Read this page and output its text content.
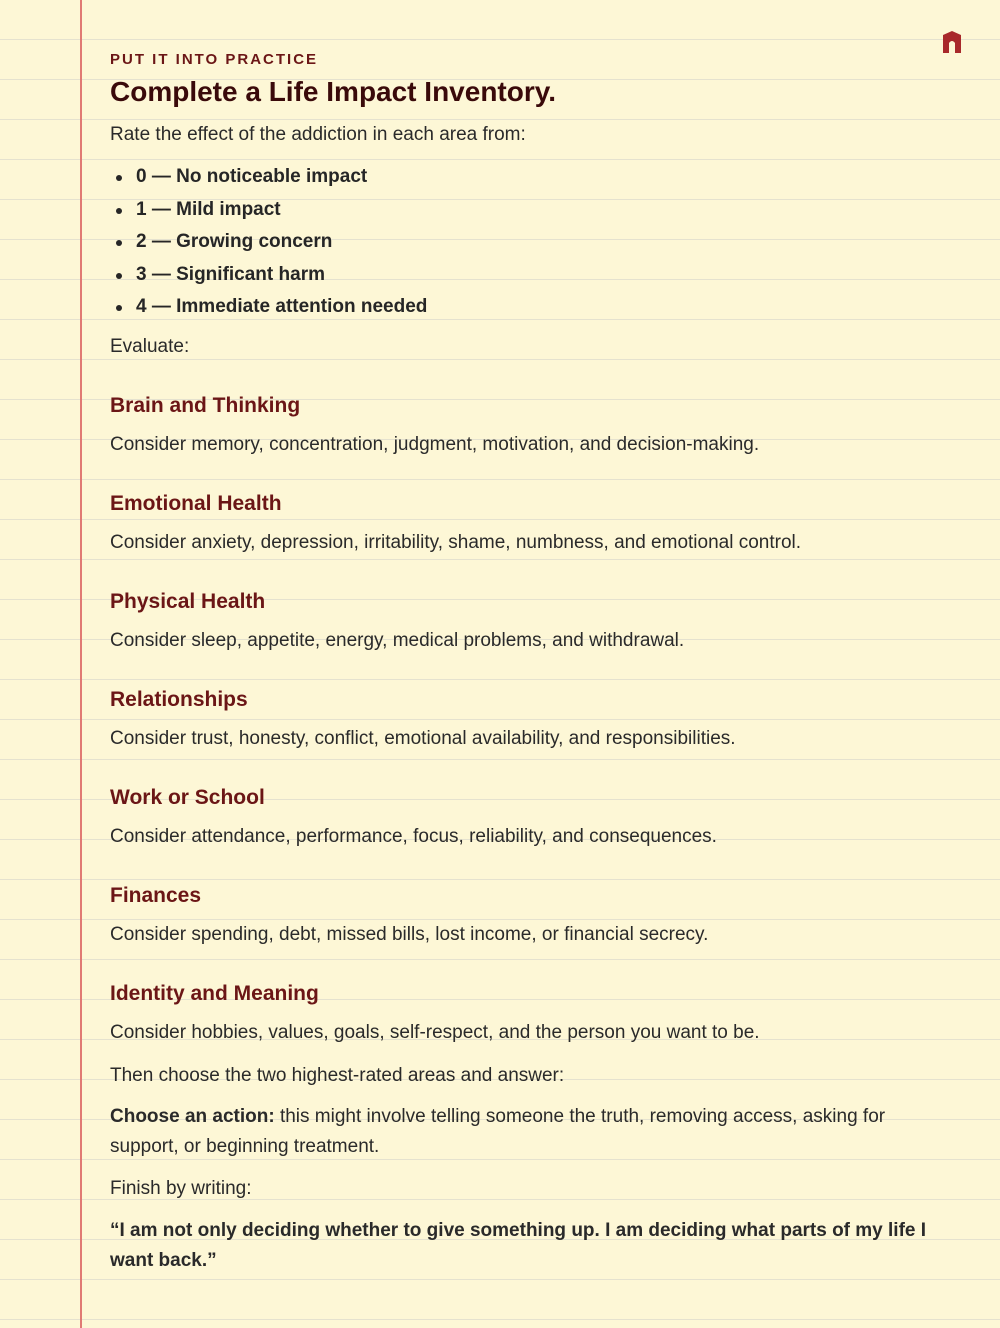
PUT IT INTO PRACTICE

Complete a Life Impact Inventory.

Rate the effect of the addiction in each area from:

0 — No noticeable impact
1 — Mild impact
2 — Growing concern
3 — Significant harm
4 — Immediate attention needed

Evaluate:

Brain and Thinking

Consider memory, concentration, judgment, motivation, and decision-making.

Emotional Health

Consider anxiety, depression, irritability, shame, numbness, and emotional control.

Physical Health

Consider sleep, appetite, energy, medical problems, and withdrawal.

Relationships

Consider trust, honesty, conflict, emotional availability, and responsibilities.

Work or School

Consider attendance, performance, focus, reliability, and consequences.

Finances

Consider spending, debt, missed bills, lost income, or financial secrecy.

Identity and Meaning

Consider hobbies, values, goals, self-respect, and the person you want to be.

Then choose the two highest-rated areas and answer:

Choose an action: this might involve telling someone the truth, removing access, asking for support, or beginning treatment.

Finish by writing:

“I am not only deciding whether to give something up. I am deciding what parts of my life I want back.”
